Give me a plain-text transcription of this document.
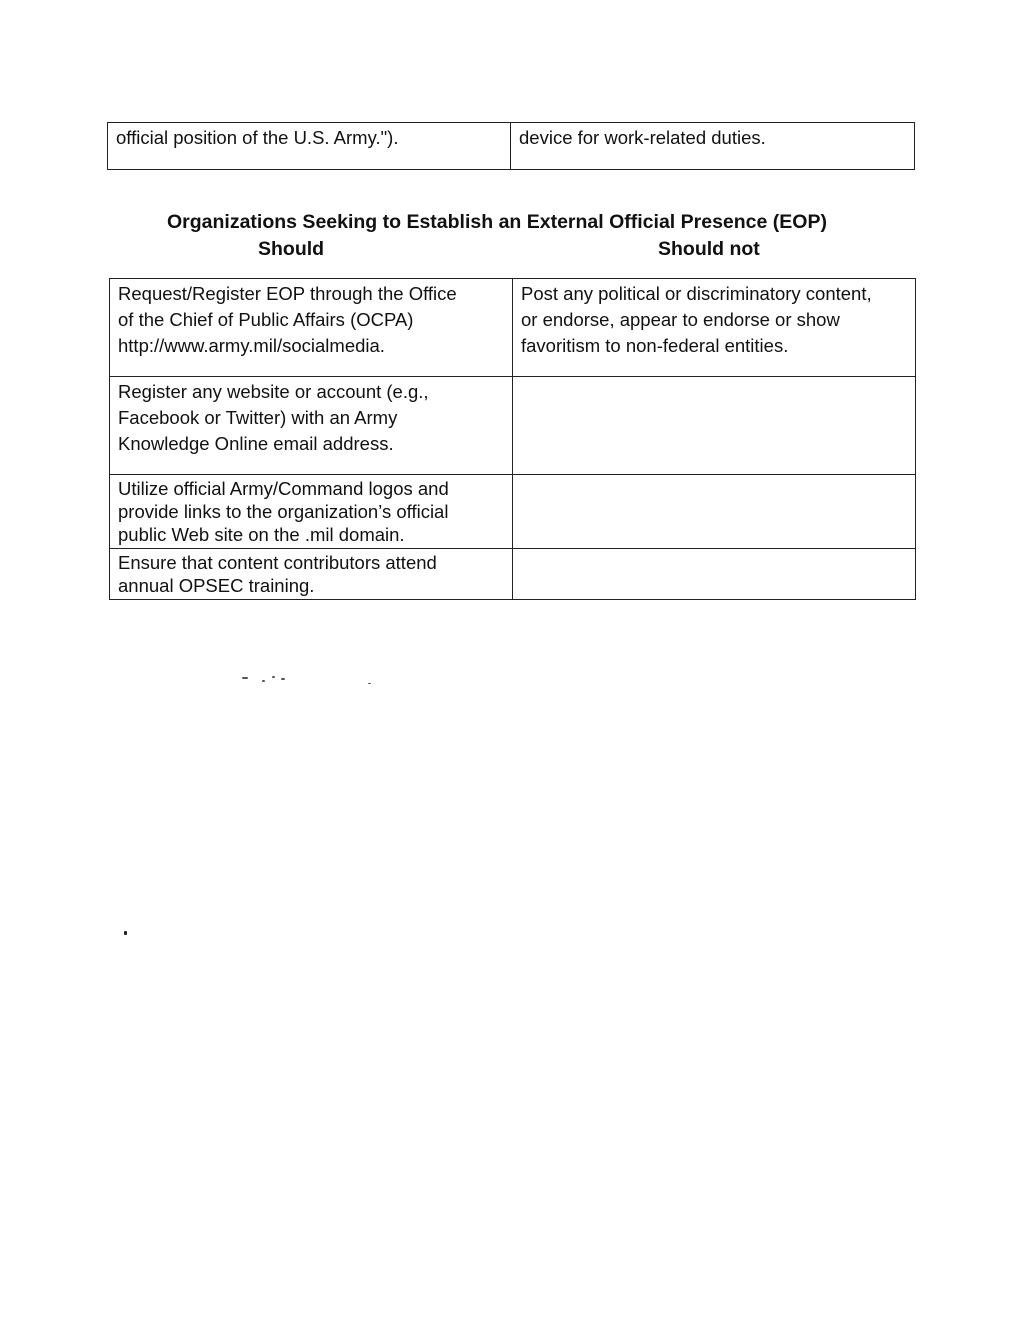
official position of the U.S. Army.").	device for work-related duties.
Organizations Seeking to Establish an External Official Presence (EOP)
Should	Should not
Request/Register EOP through the Office
of the Chief of Public Affairs (OCPA)
http://www.army.mil/socialmedia.	Post any political or discriminatory content,
or endorse, appear to endorse or show
favoritism to non-federal entities.

Register any website or account (e.g.,
Facebook or Twitter) with an Army
Knowledge Online email address.	

Utilize official Army/Command logos and
provide links to the organization’s official
public Web site on the .mil domain.	

Ensure that content contributors attend
annual OPSEC training.	
